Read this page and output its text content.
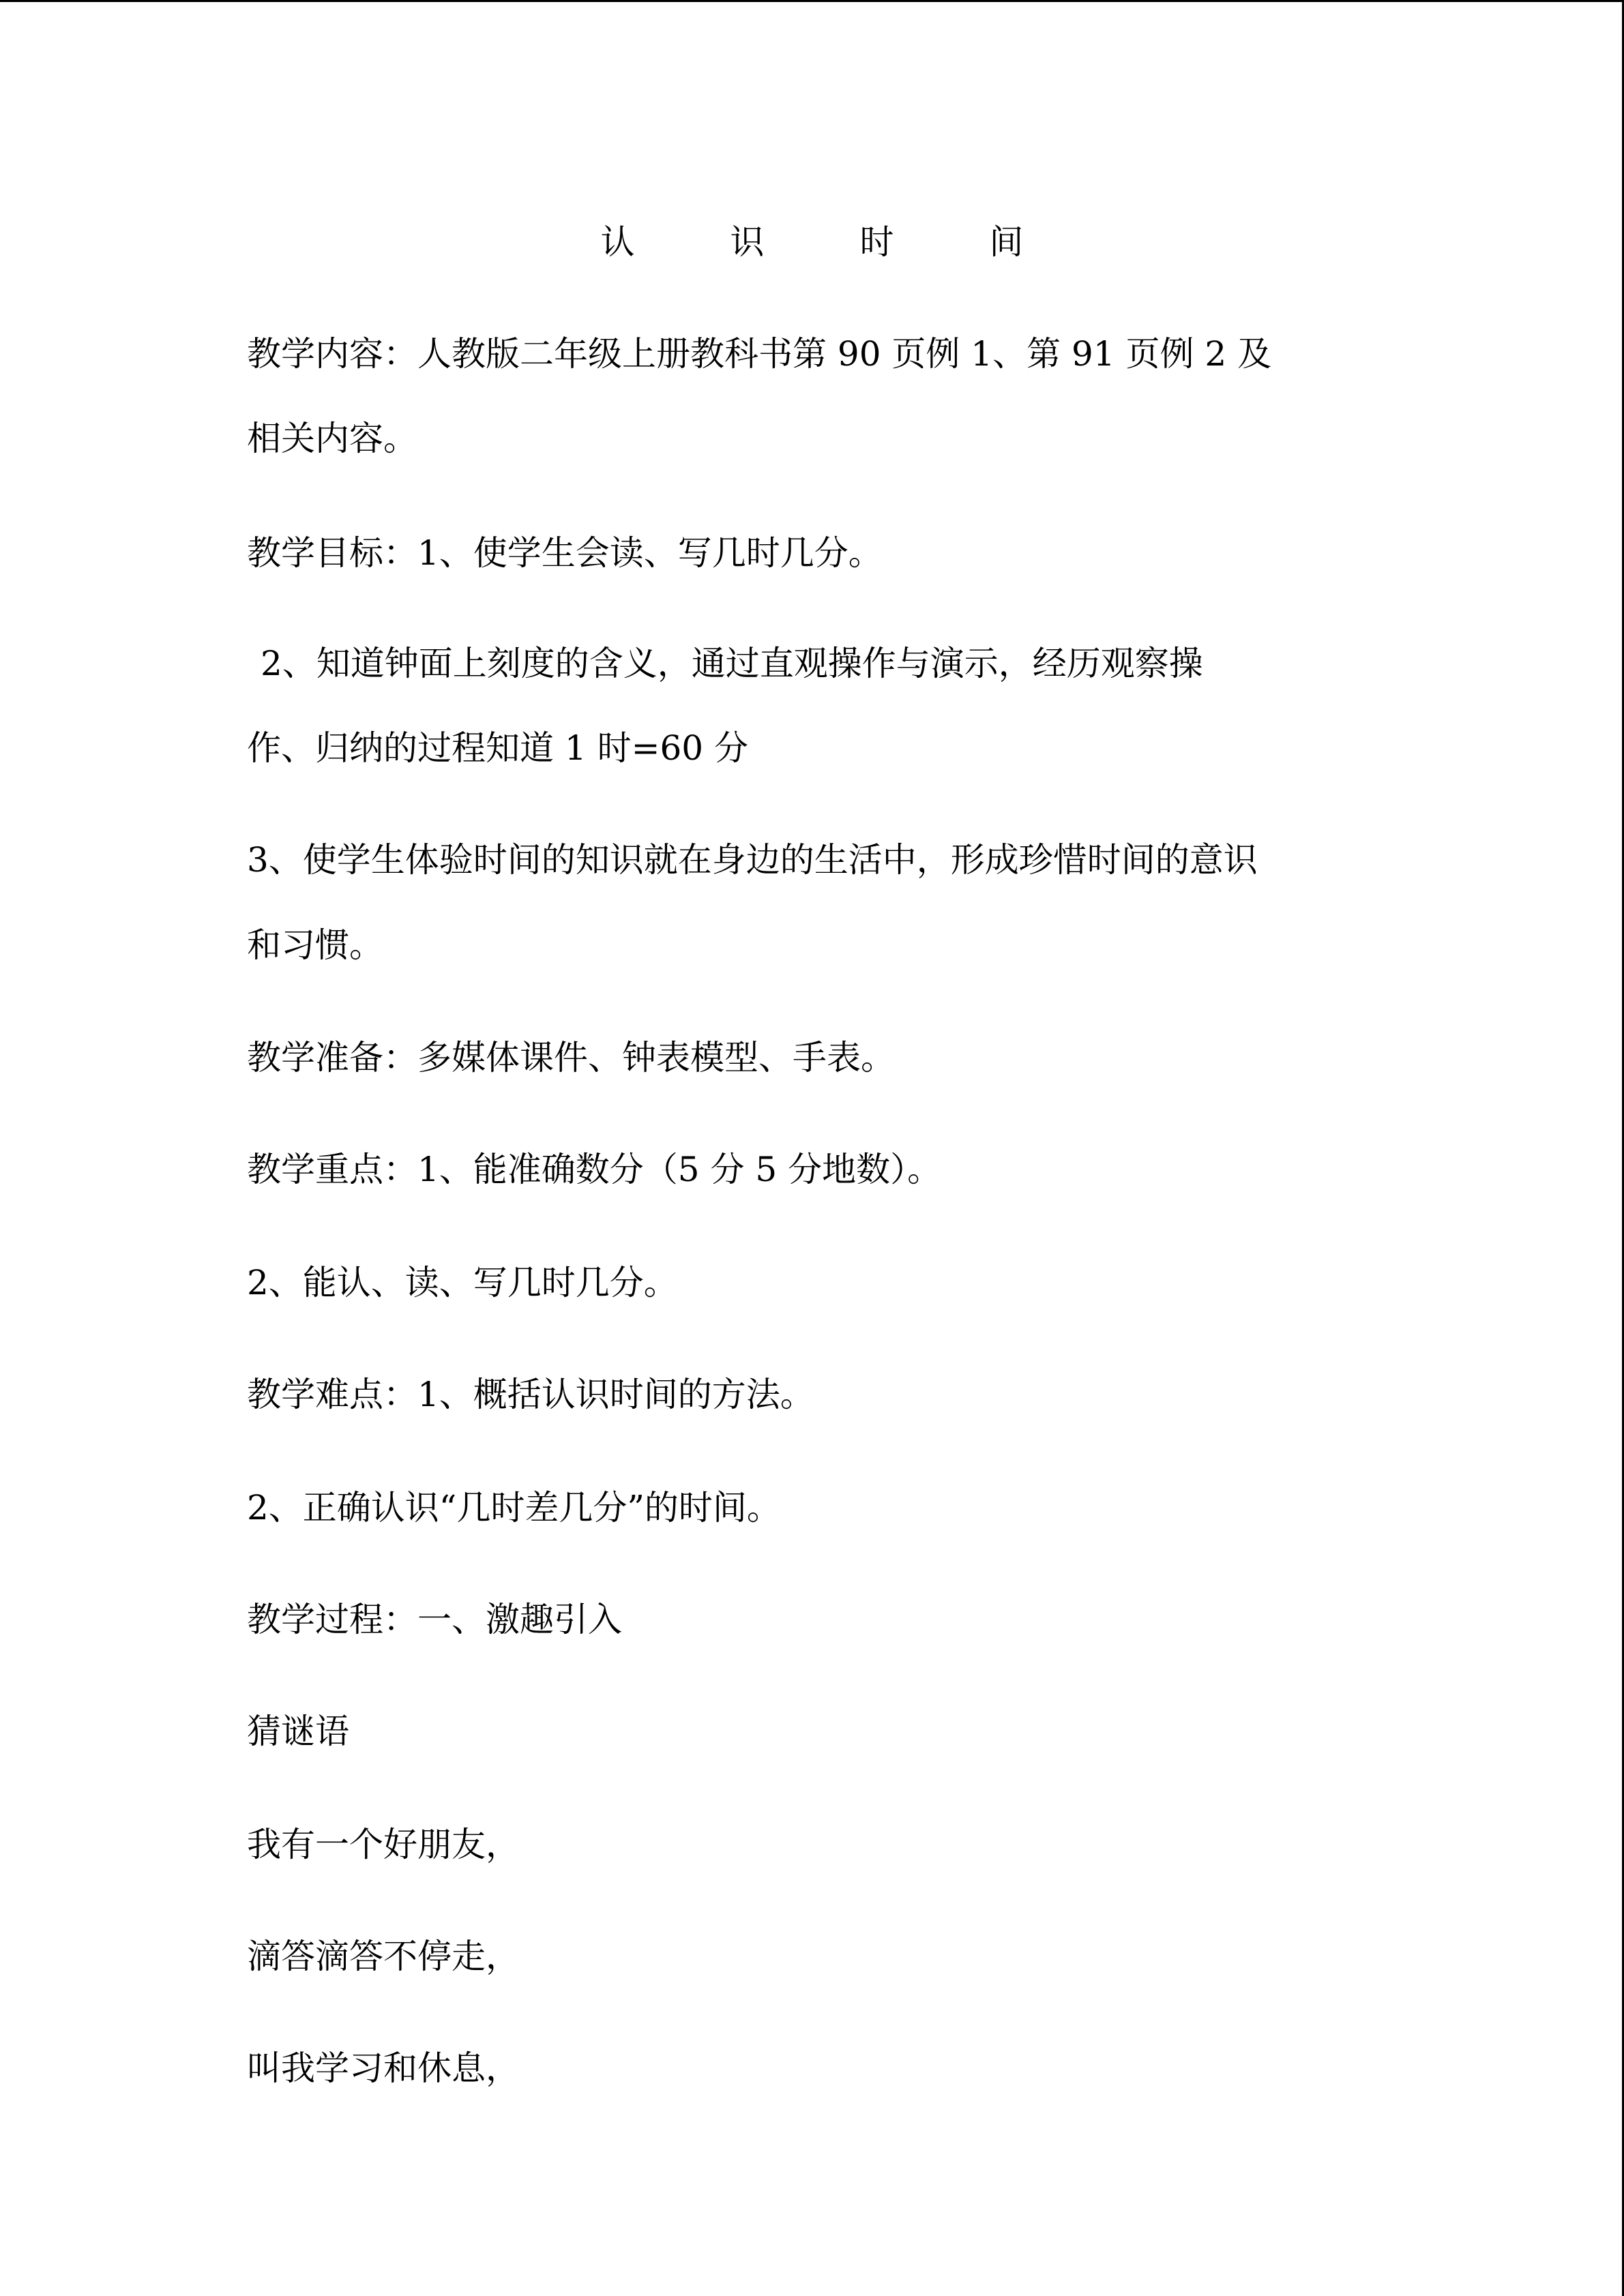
认 识 时 间
教学内容：人教版二年级上册教科书第 90 页例 1、第 91 页例 2 及
相关内容。
教学目标：1、使学生会读、写几时几分。
2、知道钟面上刻度的含义，通过直观操作与演示，经历观察操
作、归纳的过程知道 1 时=60 分
3、使学生体验时间的知识就在身边的生活中，形成珍惜时间的意识
和习惯。
教学准备：多媒体课件、钟表模型、手表。
教学重点：1、能准确数分（5 分 5 分地数）。
2、能认、读、写几时几分。
教学难点：1、概括认识时间的方法。
2、正确认识“几时差几分”的时间。
教学过程：一、激趣引入
猜谜语
我有一个好朋友，
滴答滴答不停走，
叫我学习和休息，
